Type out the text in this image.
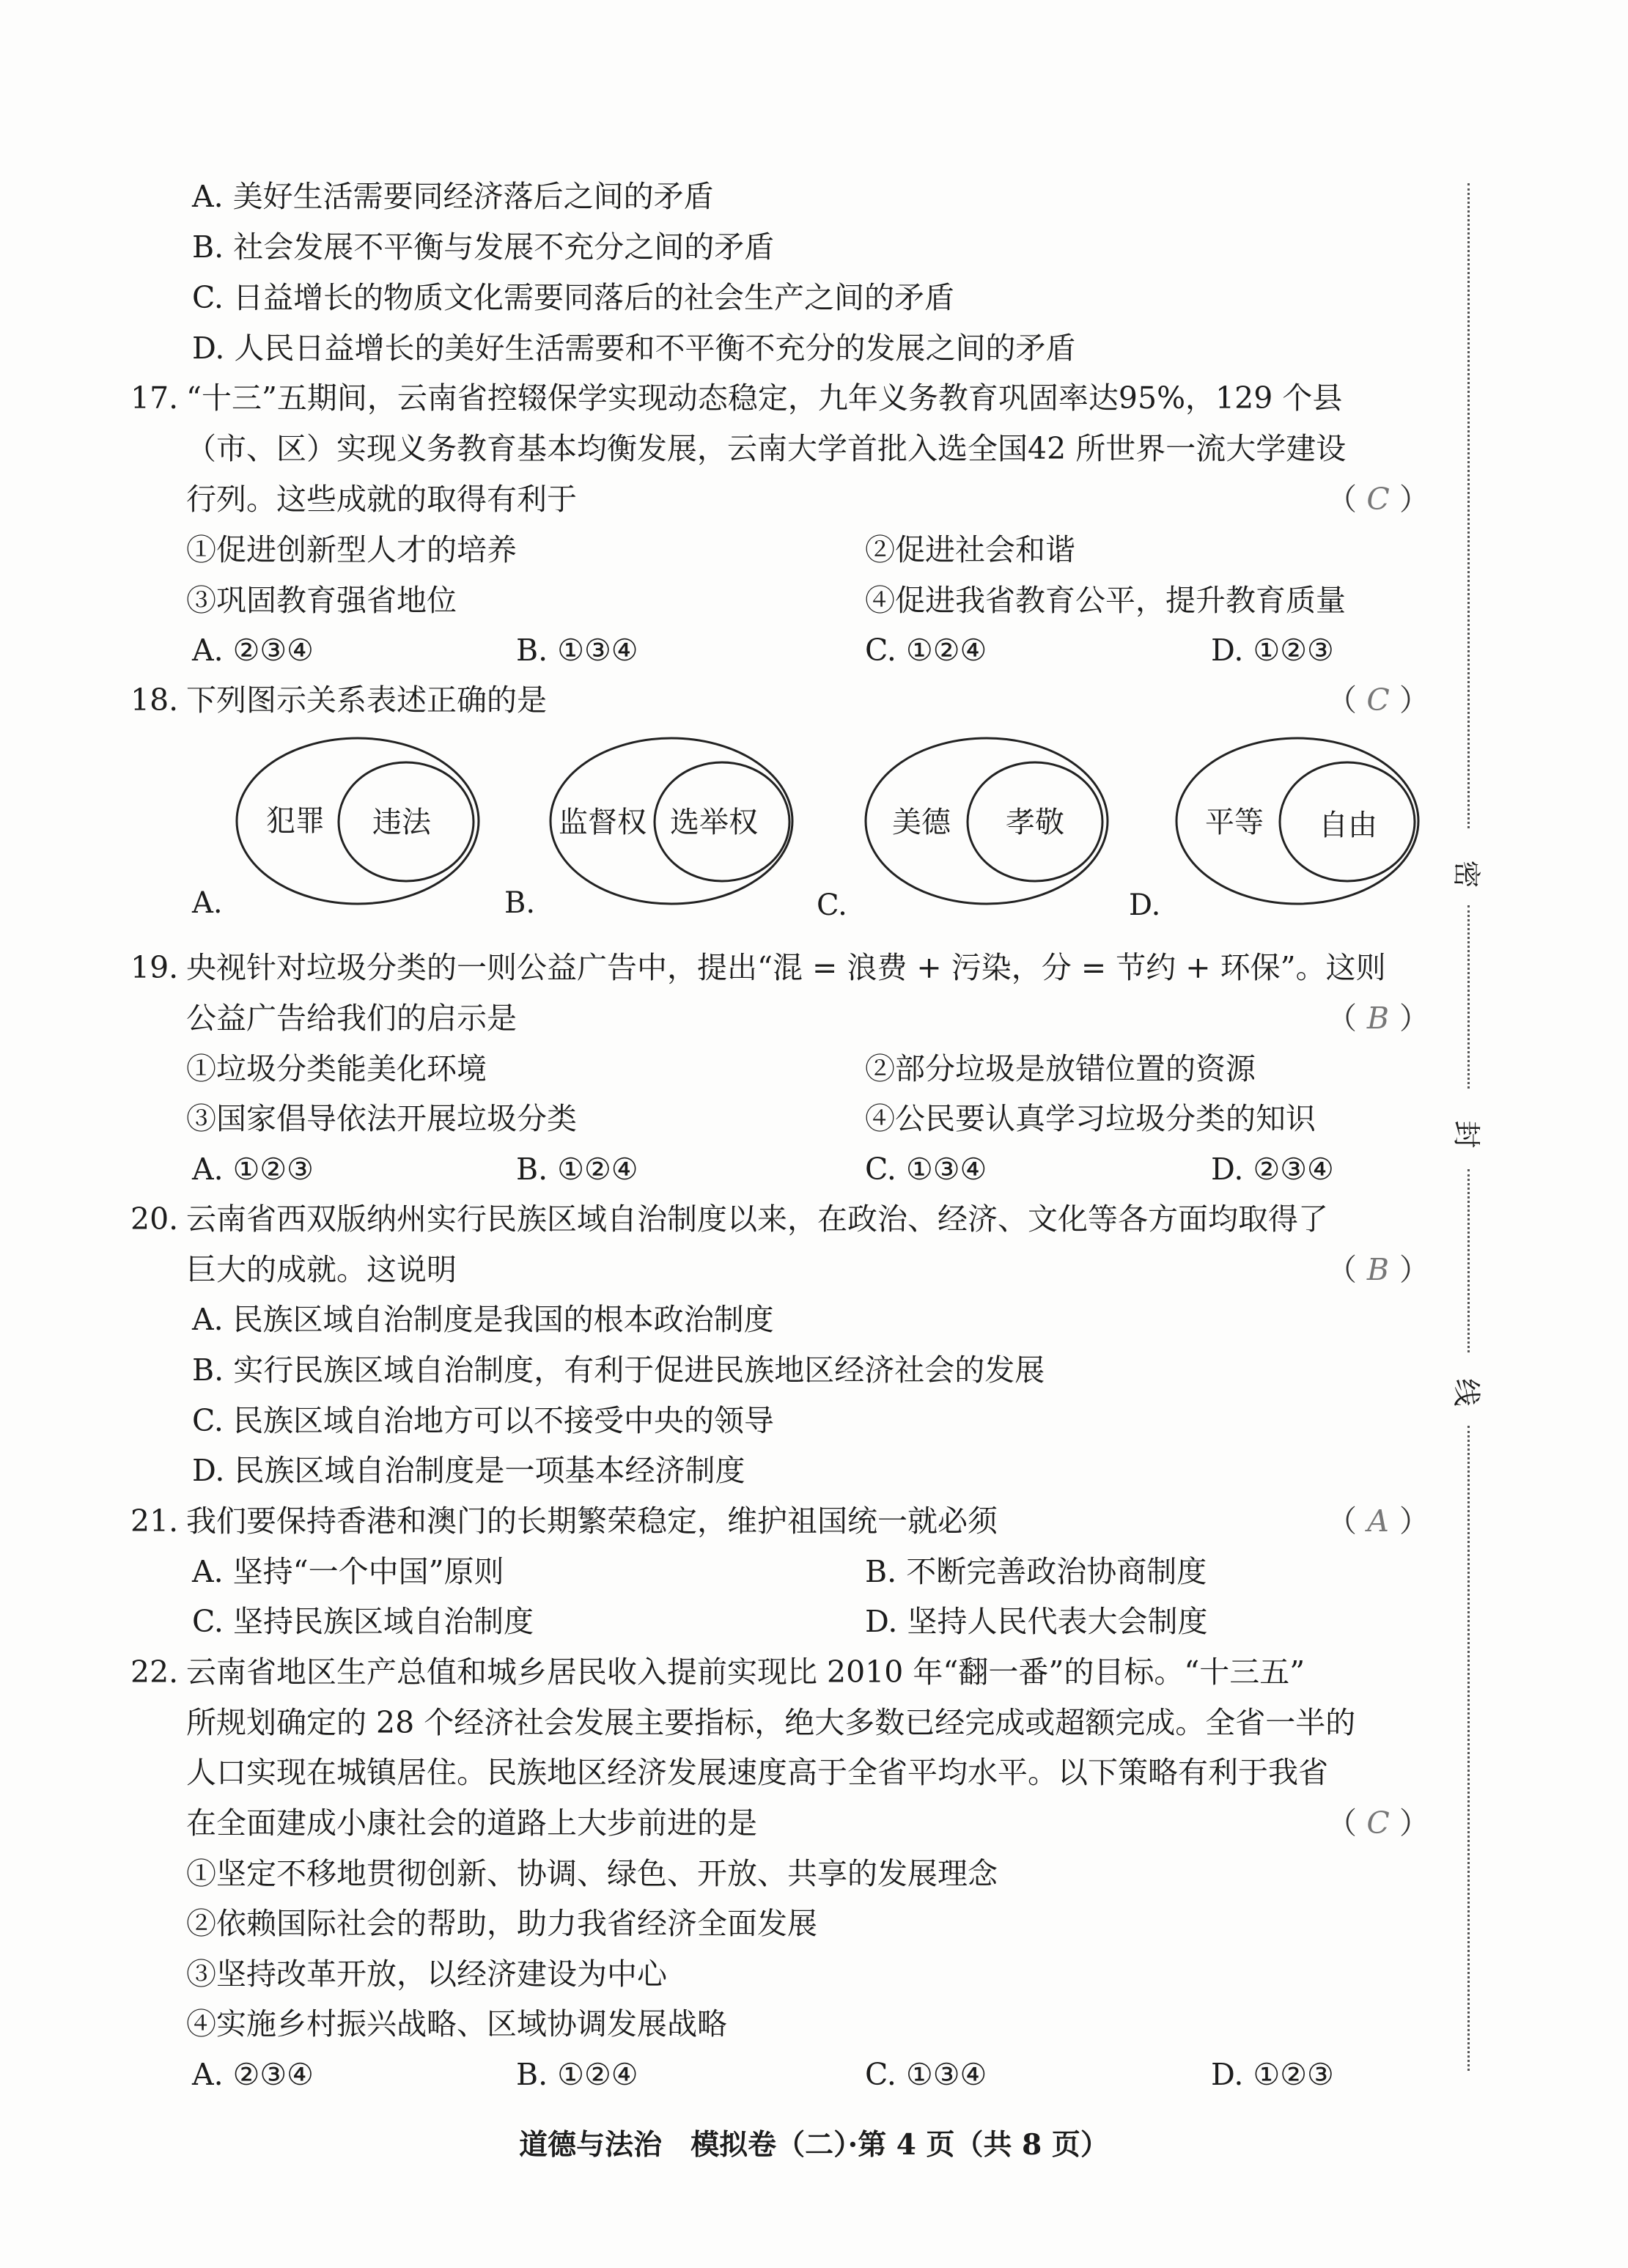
A. 美好生活需要同经济落后之间的矛盾
B. 社会发展不平衡与发展不充分之间的矛盾
C. 日益增长的物质文化需要同落后的社会生产之间的矛盾
D. 人民日益增长的美好生活需要和不平衡不充分的发展之间的矛盾
17. “十三”五期间，云南省控辍保学实现动态稳定，九年义务教育巩固率达95%，129 个县
（市、区）实现义务教育基本均衡发展，云南大学首批入选全国42 所世界一流大学建设
行列。这些成就的取得有利于	（ C ）
①促进创新型人才的培养	②促进社会和谐
③巩固教育强省地位	④促进我省教育公平，提升教育质量
A. ②③④	B. ①③④	C. ①②④	D. ①②③
18. 下列图示关系表述正确的是	（ C ）
犯罪 违法
A.
监督权 选举权
B.
美德 孝敬
C.
平等 自由
D.
19. 央视针对垃圾分类的一则公益广告中，提出“混 = 浪费 + 污染，分 = 节约 + 环保”。这则
公益广告给我们的启示是	（ B ）
①垃圾分类能美化环境	②部分垃圾是放错位置的资源
③国家倡导依法开展垃圾分类	④公民要认真学习垃圾分类的知识
A. ①②③	B. ①②④	C. ①③④	D. ②③④
20. 云南省西双版纳州实行民族区域自治制度以来，在政治、经济、文化等各方面均取得了
巨大的成就。这说明	（ B ）
A. 民族区域自治制度是我国的根本政治制度
B. 实行民族区域自治制度，有利于促进民族地区经济社会的发展
C. 民族区域自治地方可以不接受中央的领导
D. 民族区域自治制度是一项基本经济制度
21. 我们要保持香港和澳门的长期繁荣稳定，维护祖国统一就必须	（ A ）
A. 坚持“一个中国”原则	B. 不断完善政治协商制度
C. 坚持民族区域自治制度	D. 坚持人民代表大会制度
22. 云南省地区生产总值和城乡居民收入提前实现比 2010 年“翻一番”的目标。“十三五”
所规划确定的 28 个经济社会发展主要指标，绝大多数已经完成或超额完成。全省一半的
人口实现在城镇居住。民族地区经济发展速度高于全省平均水平。以下策略有利于我省
在全面建成小康社会的道路上大步前进的是	（ C ）
①坚定不移地贯彻创新、协调、绿色、开放、共享的发展理念
②依赖国际社会的帮助，助力我省经济全面发展
③坚持改革开放，以经济建设为中心
④实施乡村振兴战略、区域协调发展战略
A. ②③④	B. ①②④	C. ①③④	D. ①②③
道德与法治　模拟卷（二）·第 4 页（共 8 页）
密
封
线
